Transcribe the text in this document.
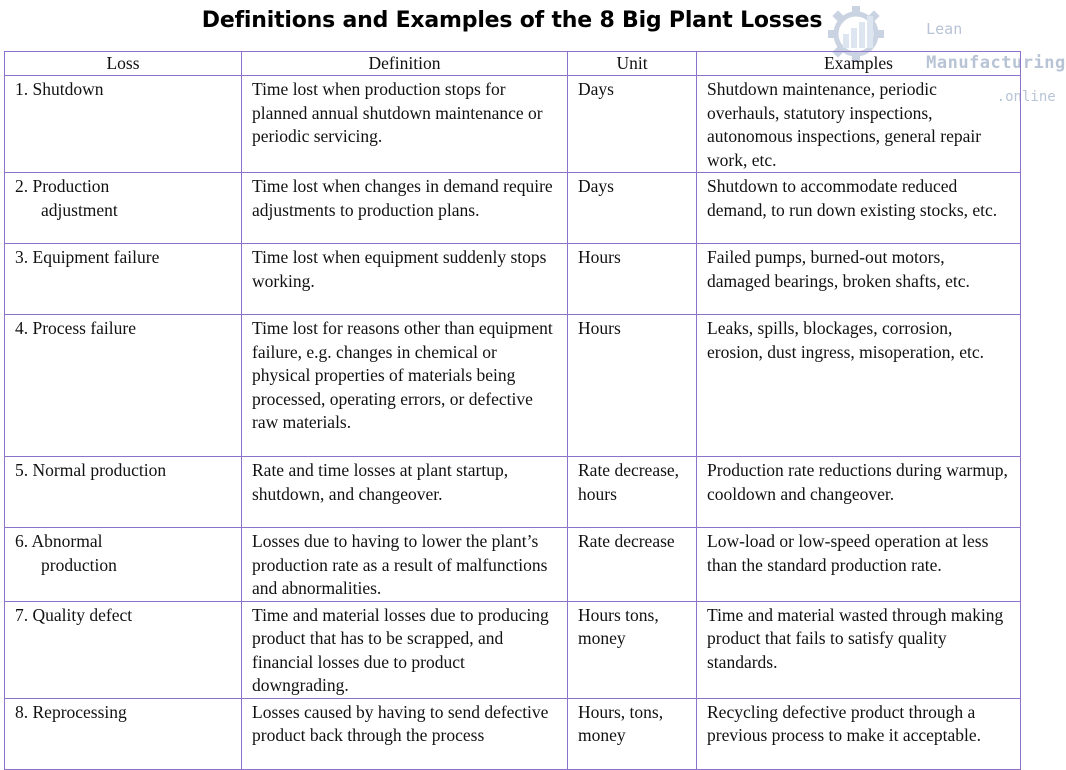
Definitions and Examples of the 8 Big Plant Losses	Lean

Manufacturing

.online

Loss	Definition	Unit	Examples
1. Shutdown	Time lost when production stops for planned annual shutdown maintenance or periodic servicing.	Days	Shutdown maintenance, periodic overhauls, statutory inspections, autonomous inspections, general repair work, etc.
2. Production
adjustment	Time lost when changes in demand require adjustments to production plans.	Days	Shutdown to accommodate reduced demand, to run down existing stocks, etc.
3. Equipment failure	Time lost when equipment suddenly stops working.	Hours	Failed pumps, burned-out motors, damaged bearings, broken shafts, etc.
4. Process failure	Time lost for reasons other than equipment failure, e.g. changes in chemical or physical properties of materials being processed, operating errors, or defective raw materials.	Hours	Leaks, spills, blockages, corrosion, erosion, dust ingress, misoperation, etc.
5. Normal production	Rate and time losses at plant startup, shutdown, and changeover.	Rate decrease, hours	Production rate reductions during warmup, cooldown and changeover.
6. Abnormal
production	Losses due to having to lower the plant’s production rate as a result of malfunctions and abnormalities.	Rate decrease	Low-load or low-speed operation at less than the standard production rate.
7. Quality defect	Time and material losses due to producing product that has to be scrapped, and financial losses due to product downgrading.	Hours tons, money	Time and material wasted through making product that fails to satisfy quality standards.
8. Reprocessing	Losses caused by having to send defective product back through the process	Hours, tons, money	Recycling defective product through a previous process to make it acceptable.
